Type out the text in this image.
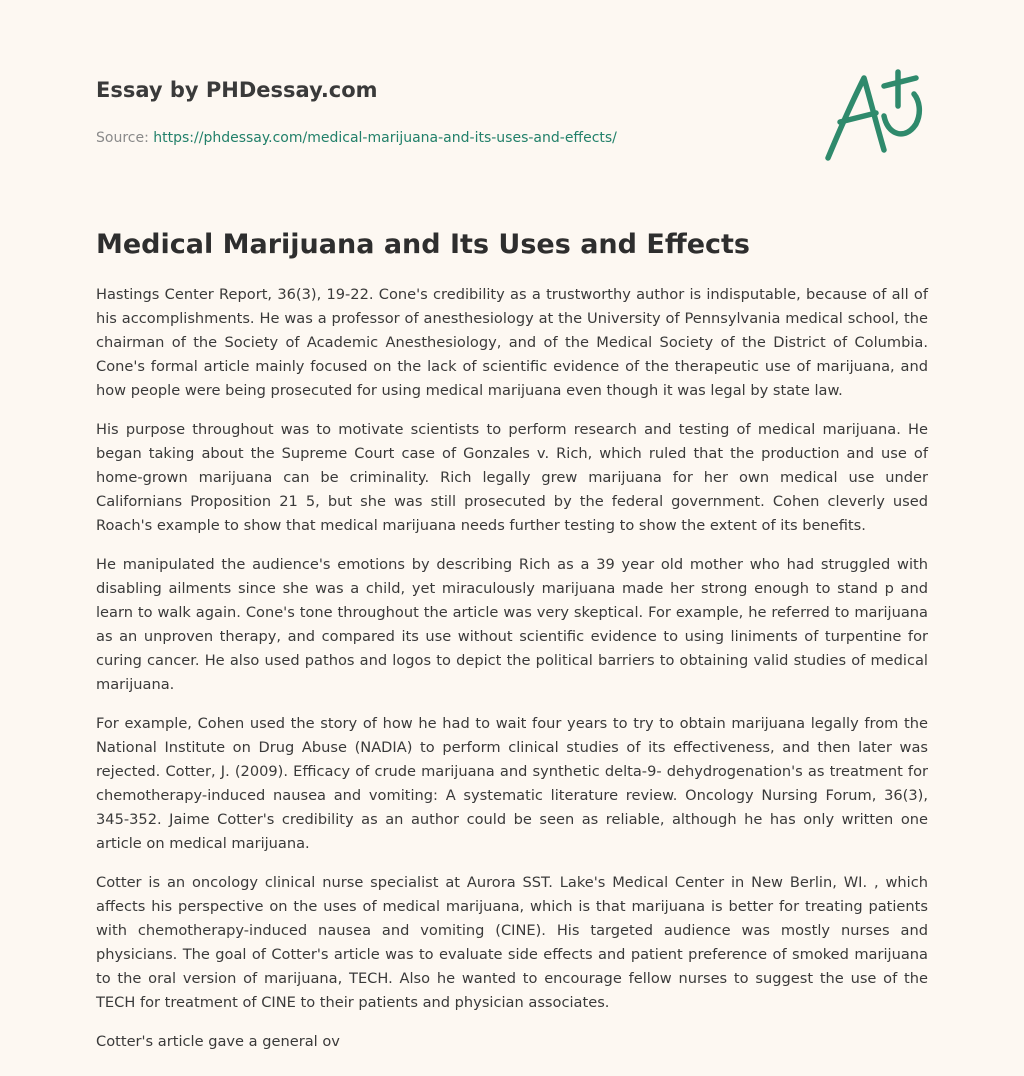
Essay by PHDessay.com
Source: https://phdessay.com/medical-marijuana-and-its-uses-and-effects/
Medical Marijuana and Its Uses and Effects

Hastings Center Report, 36(3), 19-22. Cone's credibility as a trustworthy author is indisputable, because of all of his accomplishments. He was a professor of anesthesiology at the University of Pennsylvania medical school, the chairman of the Society of Academic Anesthesiology, and of the Medical Society of the District of Columbia. Cone's formal article mainly focused on the lack of scientific evidence of the therapeutic use of marijuana, and how people were being prosecuted for using medical marijuana even though it was legal by state law.

His purpose throughout was to motivate scientists to perform research and testing of medical marijuana. He began taking about the Supreme Court case of Gonzales v. Rich, which ruled that the production and use of home-grown marijuana can be criminality. Rich legally grew marijuana for her own medical use under Californians Proposition 21 5, but she was still prosecuted by the federal government. Cohen cleverly used Roach's example to show that medical marijuana needs further testing to show the extent of its benefits.

He manipulated the audience's emotions by describing Rich as a 39 year old mother who had struggled with disabling ailments since she was a child, yet miraculously marijuana made her strong enough to stand p and learn to walk again. Cone's tone throughout the article was very skeptical. For example, he referred to marijuana as an unproven therapy, and compared its use without scientific evidence to using liniments of turpentine for curing cancer. He also used pathos and logos to depict the political barriers to obtaining valid studies of medical marijuana.

For example, Cohen used the story of how he had to wait four years to try to obtain marijuana legally from the National Institute on Drug Abuse (NADIA) to perform clinical studies of its effectiveness, and then later was rejected. Cotter, J. (2009). Efficacy of crude marijuana and synthetic delta-9- dehydrogenation's as treatment for chemotherapy-induced nausea and vomiting: A systematic literature review. Oncology Nursing Forum, 36(3), 345-352. Jaime Cotter's credibility as an author could be seen as reliable, although he has only written one article on medical marijuana.

Cotter is an oncology clinical nurse specialist at Aurora SST. Lake's Medical Center in New Berlin, WI. , which affects his perspective on the uses of medical marijuana, which is that marijuana is better for treating patients with chemotherapy-induced nausea and vomiting (CINE). His targeted audience was mostly nurses and physicians. The goal of Cotter's article was to evaluate side effects and patient preference of smoked marijuana to the oral version of marijuana, TECH. Also he wanted to encourage fellow nurses to suggest the use of the TECH for treatment of CINE to their patients and physician associates.

Cotter's article gave a general ov
